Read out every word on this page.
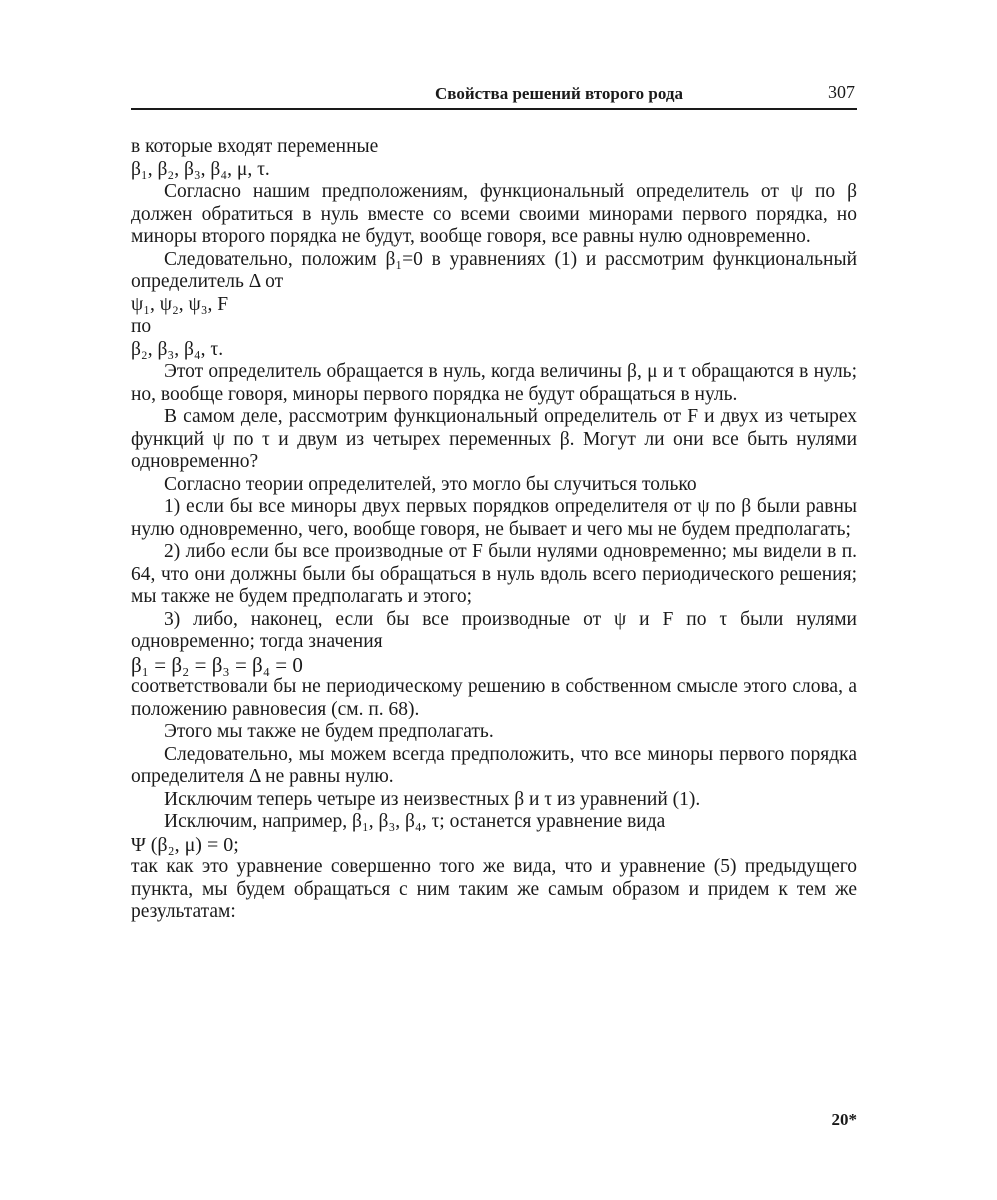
Свойства решений второго рода	307

в которые входят переменные

β₁, β₂, β₃, β₄, μ, τ.

Согласно нашим предположениям, функциональный определитель от ψ по β должен обратиться в нуль вместе со всеми своими минорами первого порядка, но миноры второго порядка не будут, вообще говоря, все равны нулю одновременно.

Следовательно, положим β₁=0 в уравнениях (1) и рассмотрим функциональный определитель Δ от

ψ₁, ψ₂, ψ₃, F

по

β₂, β₃, β₄, τ.

Этот определитель обращается в нуль, когда величины β, μ и τ обращаются в нуль; но, вообще говоря, миноры первого порядка не будут обращаться в нуль.

В самом деле, рассмотрим функциональный определитель от F и двух из четырех функций ψ по τ и двум из четырех переменных β. Могут ли они все быть нулями одновременно?

Согласно теории определителей, это могло бы случиться только

1) если бы все миноры двух первых порядков определителя от ψ по β были равны нулю одновременно, чего, вообще говоря, не бывает и чего мы не будем предполагать;

2) либо если бы все производные от F были нулями одновременно; мы видели в п. 64, что они должны были бы обращаться в нуль вдоль всего периодического решения; мы также не будем предполагать и этого;

3) либо, наконец, если бы все производные от ψ и F по τ были нулями одновременно; тогда значения

β₁ = β₂ = β₃ = β₄ = 0

соответствовали бы не периодическому решению в собственном смысле этого слова, а положению равновесия (см. п. 68).

Этого мы также не будем предполагать.

Следовательно, мы можем всегда предположить, что все миноры первого порядка определителя Δ не равны нулю.

Исключим теперь четыре из неизвестных β и τ из уравнений (1).

Исключим, например, β₁, β₃, β₄, τ; останется уравнение вида

Ψ (β₂, μ) = 0;

так как это уравнение совершенно того же вида, что и уравнение (5) предыдущего пункта, мы будем обращаться с ним таким же самым образом и придем к тем же результатам:

20*
